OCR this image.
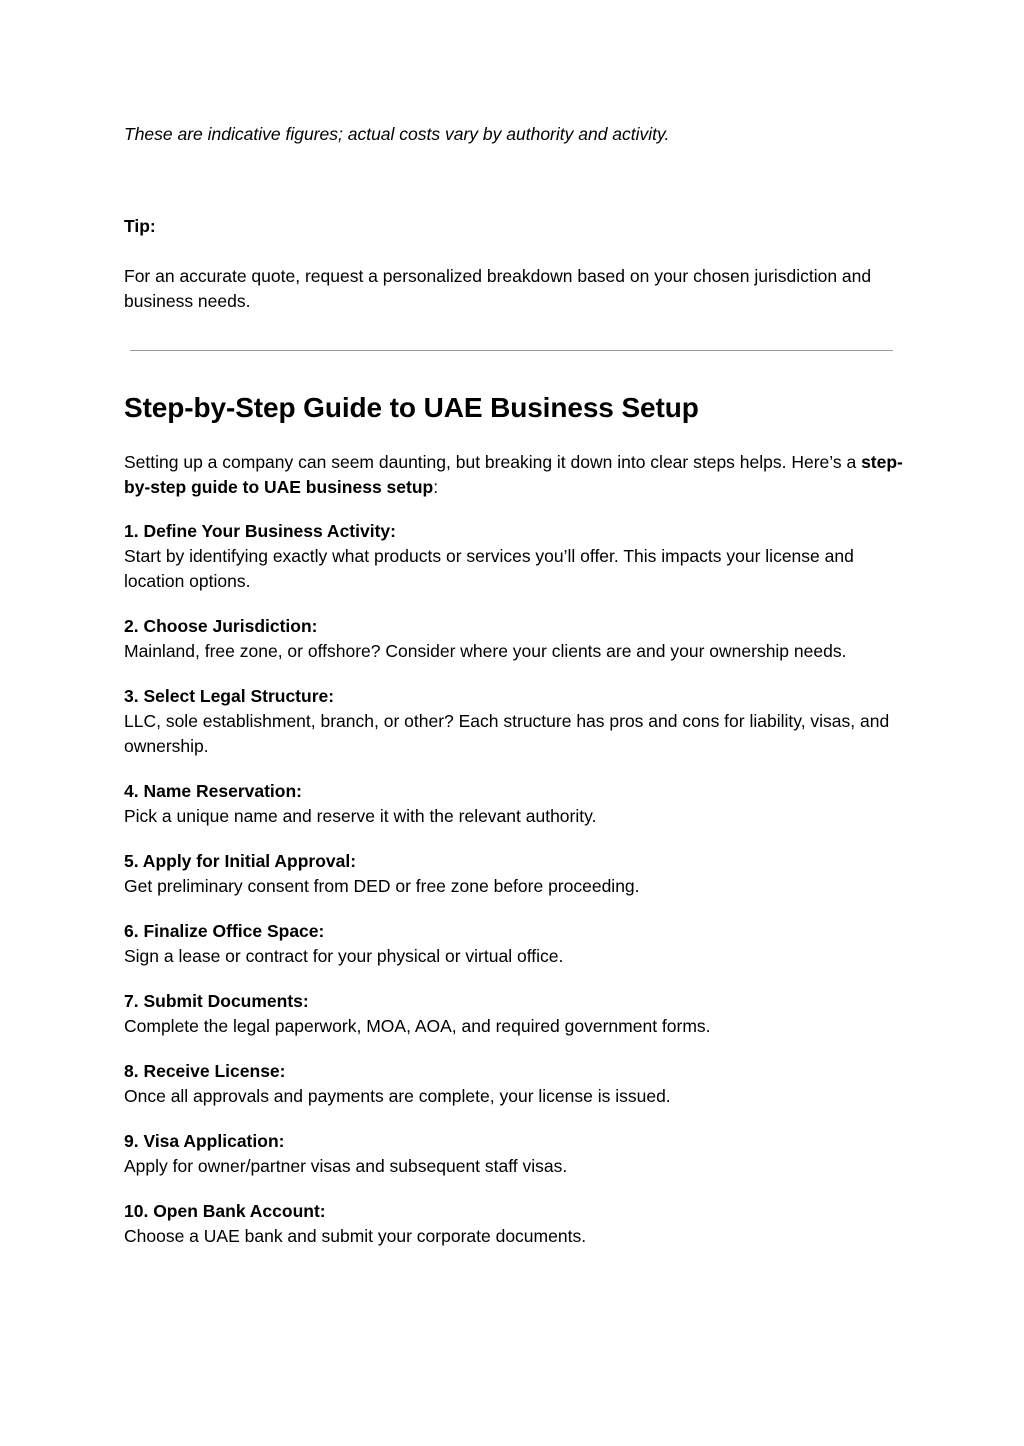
These are indicative figures; actual costs vary by authority and activity.

Tip:

For an accurate quote, request a personalized breakdown based on your chosen jurisdiction and business needs.

Step-by-Step Guide to UAE Business Setup

Setting up a company can seem daunting, but breaking it down into clear steps helps. Here’s a step-by-step guide to UAE business setup:

1. Define Your Business Activity:
Start by identifying exactly what products or services you’ll offer. This impacts your license and location options.
2. Choose Jurisdiction:
Mainland, free zone, or offshore? Consider where your clients are and your ownership needs.
3. Select Legal Structure:
LLC, sole establishment, branch, or other? Each structure has pros and cons for liability, visas, and ownership.
4. Name Reservation:
Pick a unique name and reserve it with the relevant authority.
5. Apply for Initial Approval:
Get preliminary consent from DED or free zone before proceeding.
6. Finalize Office Space:
Sign a lease or contract for your physical or virtual office.
7. Submit Documents:
Complete the legal paperwork, MOA, AOA, and required government forms.
8. Receive License:
Once all approvals and payments are complete, your license is issued.
9. Visa Application:
Apply for owner/partner visas and subsequent staff visas.
10. Open Bank Account:
Choose a UAE bank and submit your corporate documents.
